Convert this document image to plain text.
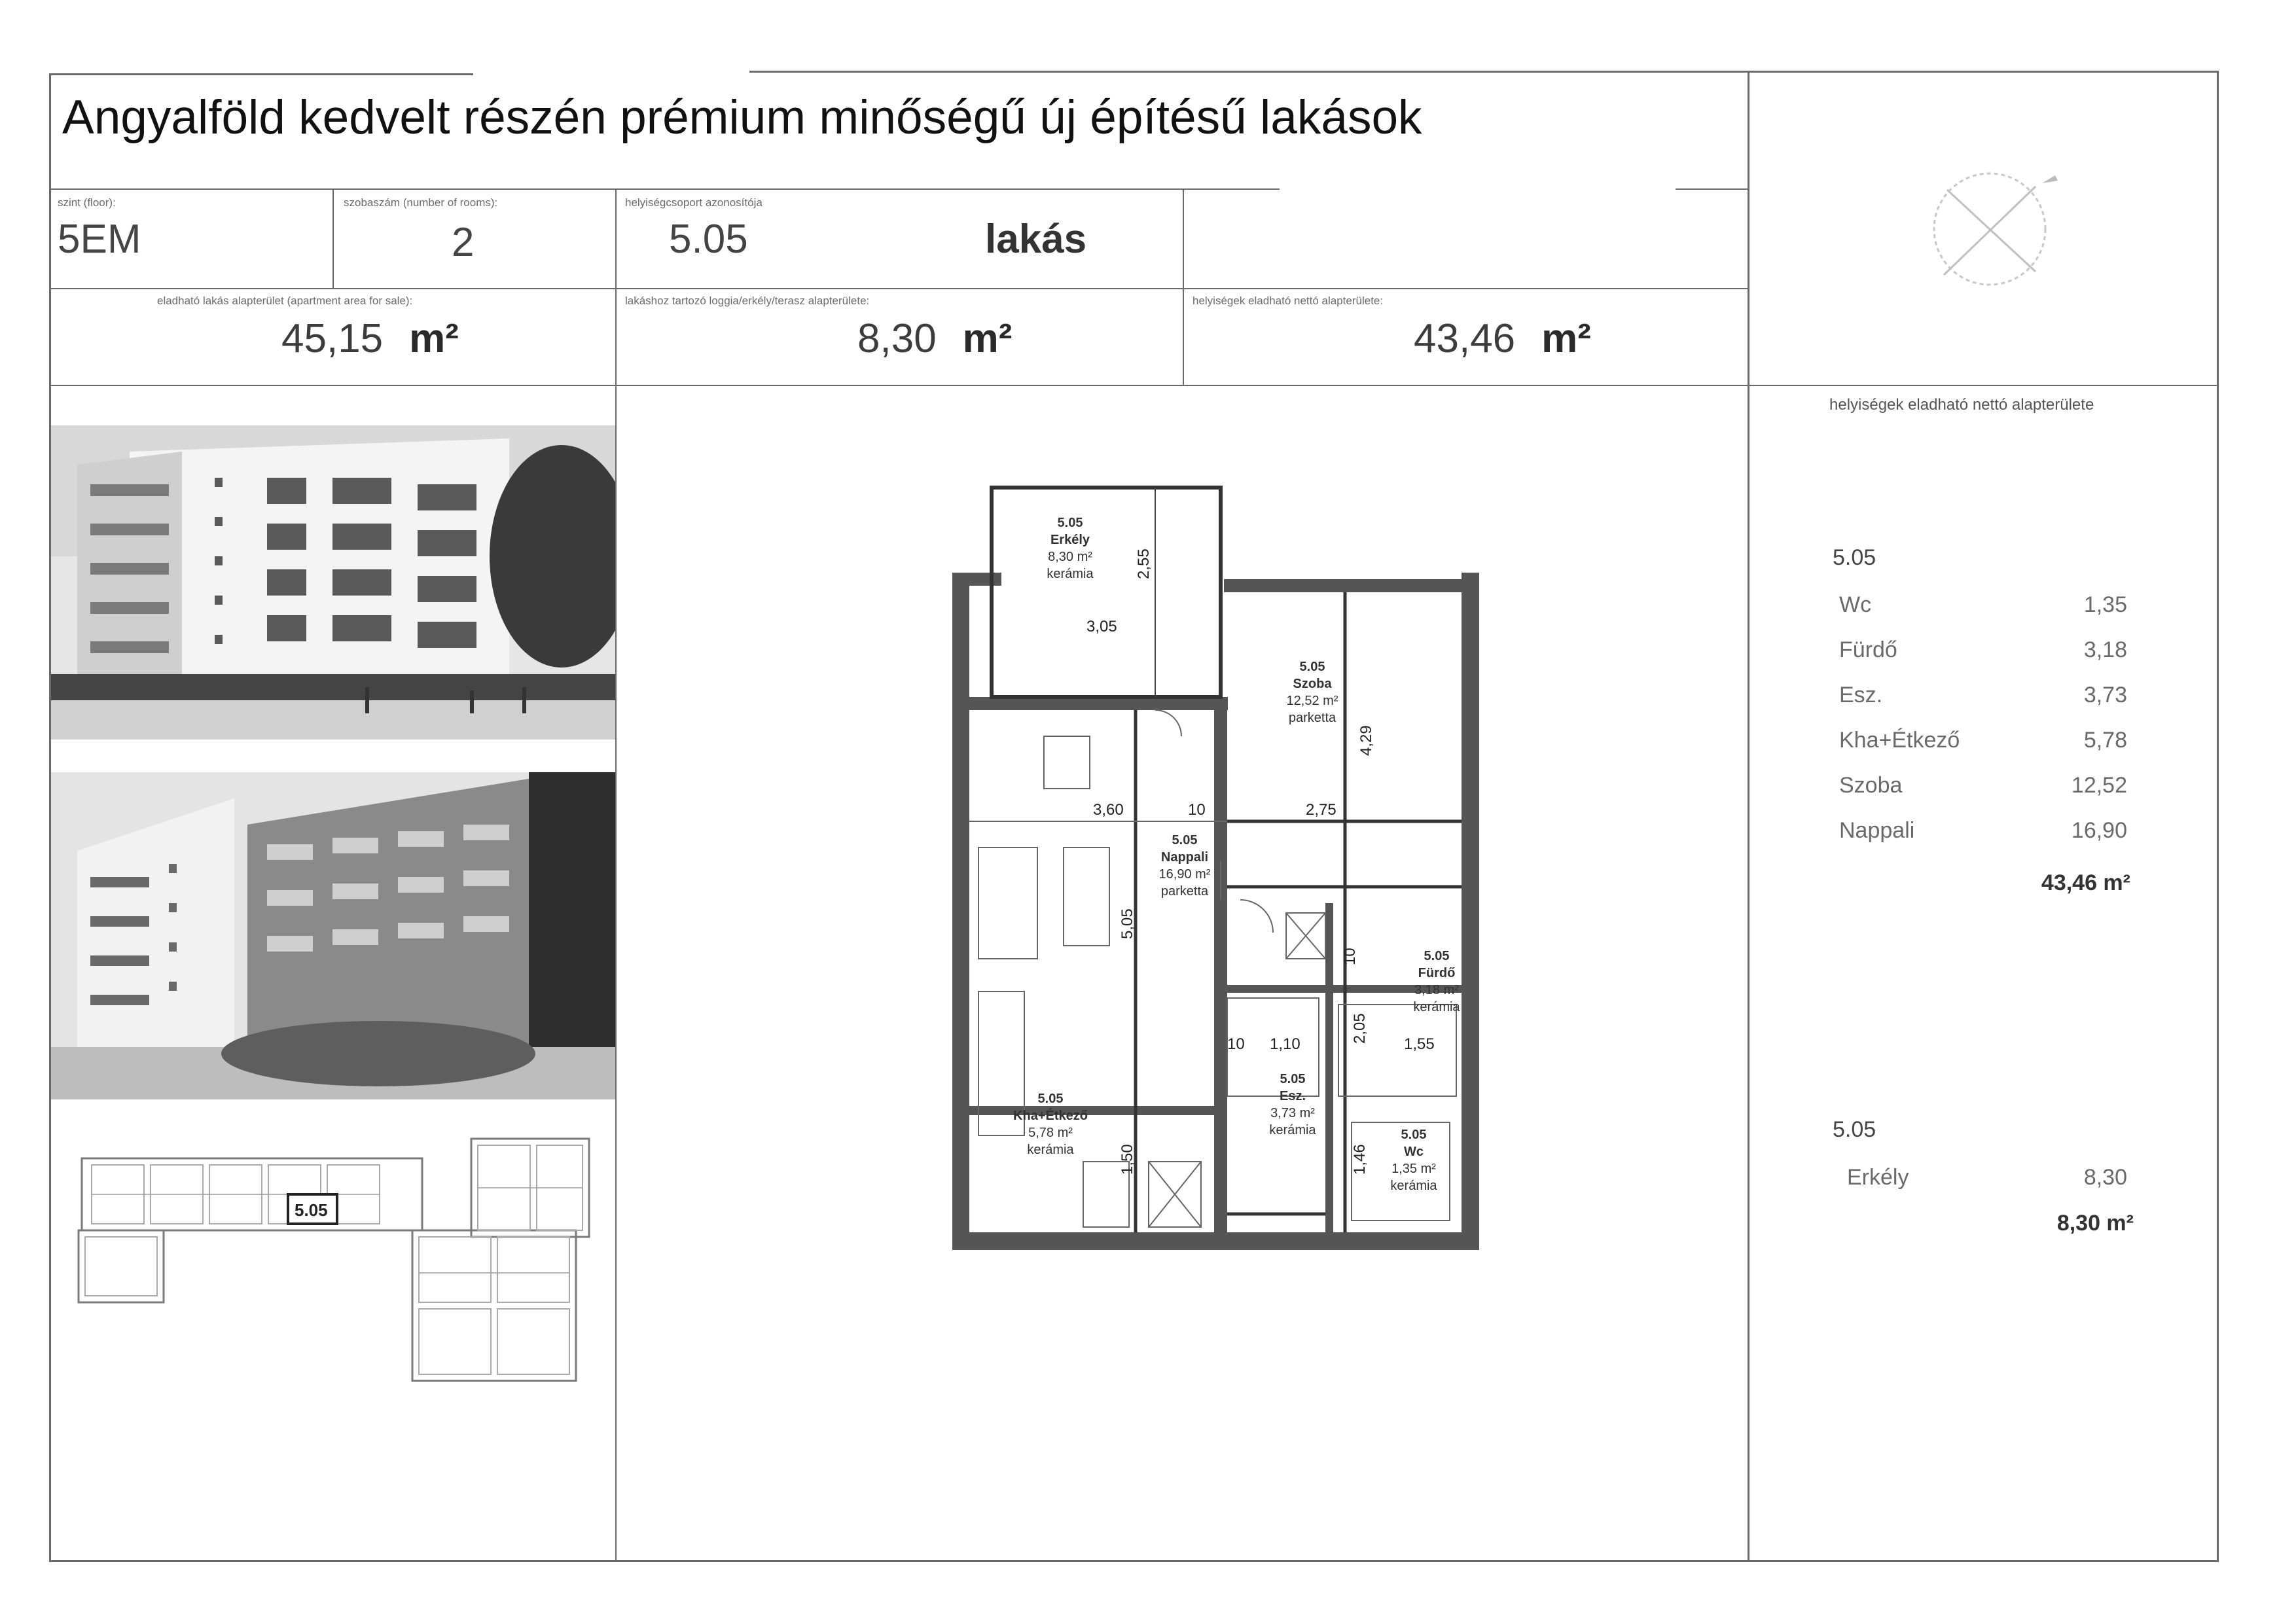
Angyalföld kedvelt részén prémium minőségű új építésű lakások
szint (floor):
5EM
szobaszám (number of rooms):
2
helyiségcsoport azonosítója
5.05	lakás
eladható lakás alapterület (apartment area for sale):
45,15 m²
lakáshoz tartozó loggia/erkély/terasz alapterülete:
8,30 m²
helyiségek eladható nettó alapterülete:
43,46 m²
5.05
5.05
Erkély
8,30 m²
kerámia
5.05
Szoba
12,52 m²
parketta
5.05
Nappali
16,90 m²
parketta
5.05
Fürdő
3,18 m²
kerámia
5.05
Esz.
3,73 m²
kerámia
5.05
Kha+Étkező
5,78 m²
kerámia
5.05
Wc
1,35 m²
kerámia
2,55
3,05
4,29
2,75
3,60
5,05
10
10
10
2,05
1,55
1,10
1,46
1,50
helyiségek eladható nettó alapterülete
5.05
Wc	1,35
Fürdő	3,18
Esz.	3,73
Kha+Étkező	5,78
Szoba	12,52
Nappali	16,90
43,46 m²
5.05
Erkély	8,30
8,30 m²
